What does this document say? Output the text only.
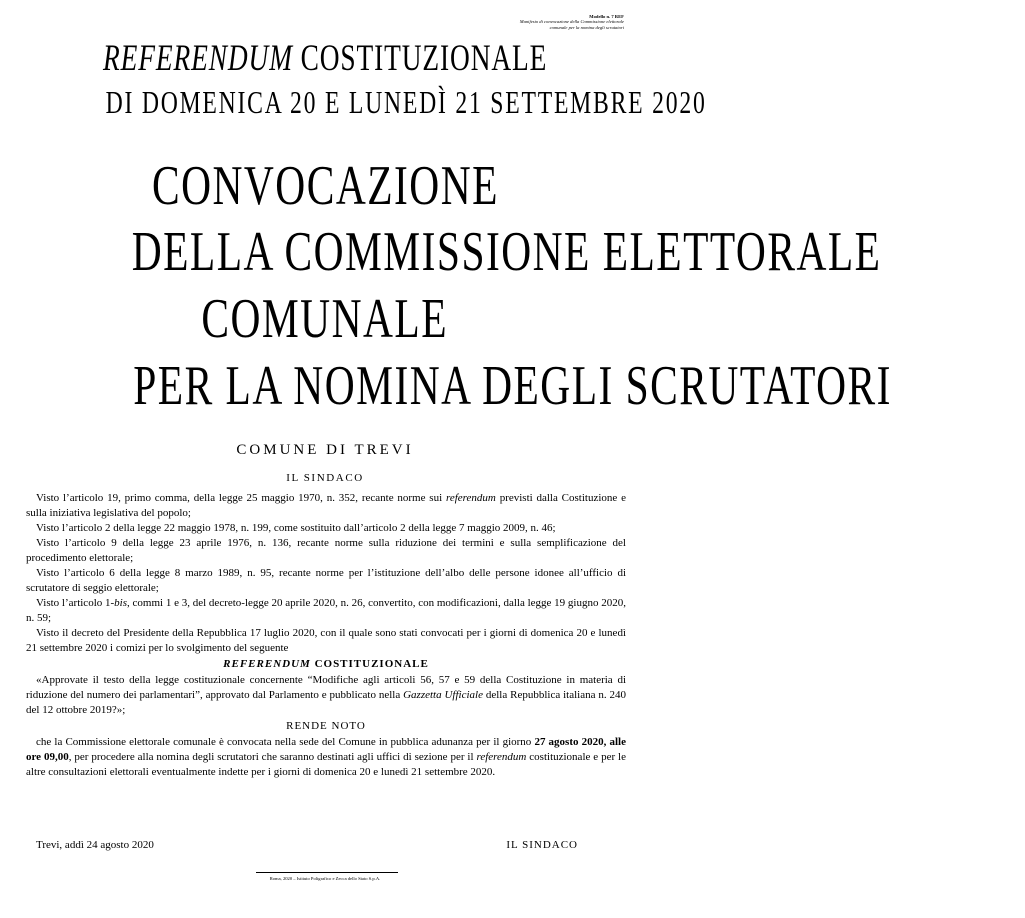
Modello n. 7 REF
Manifesto di convocazione della Commissione elettorale comunale per la nomina degli scrutatori
REFERENDUM COSTITUZIONALE
DI DOMENICA 20 E LUNEDÌ 21 SETTEMBRE 2020
CONVOCAZIONE
DELLA COMMISSIONE ELETTORALE
COMUNALE
PER LA NOMINA DEGLI SCRUTATORI
COMUNE DI TREVI
IL SINDACO

Visto l’articolo 19, primo comma, della legge 25 maggio 1970, n. 352, recante norme sui referendum previsti dalla Costituzione e sulla iniziativa legislativa del popolo;

Visto l’articolo 2 della legge 22 maggio 1978, n. 199, come sostituito dall’articolo 2 della legge 7 maggio 2009, n. 46;

Visto l’articolo 9 della legge 23 aprile 1976, n. 136, recante norme sulla riduzione dei termini e sulla semplificazione del procedimento elettorale;

Visto l’articolo 6 della legge 8 marzo 1989, n. 95, recante norme per l’istituzione dell’albo delle persone idonee all’ufficio di scrutatore di seggio elettorale;

Visto l’articolo 1-bis, commi 1 e 3, del decreto-legge 20 aprile 2020, n. 26, convertito, con modificazioni, dalla legge 19 giugno 2020, n. 59;

Visto il decreto del Presidente della Repubblica 17 luglio 2020, con il quale sono stati convocati per i giorni di domenica 20 e lunedì 21 settembre 2020 i comizi per lo svolgimento del seguente

REFERENDUM COSTITUZIONALE

«Approvate il testo della legge costituzionale concernente “Modifiche agli articoli 56, 57 e 59 della Costituzione in materia di riduzione del numero dei parlamentari”, approvato dal Parlamento e pubblicato nella Gazzetta Ufficiale della Repubblica italiana n. 240 del 12 ottobre 2019?»;

RENDE NOTO

che la Commissione elettorale comunale è convocata nella sede del Comune in pubblica adunanza per il giorno 27 agosto 2020, alle ore 09,00, per procedere alla nomina degli scrutatori che saranno destinati agli uffici di sezione per il referendum costituzionale e per le altre consultazioni elettorali eventualmente indette per i giorni di domenica 20 e lunedì 21 settembre 2020.

Trevi, addì 24 agosto 2020	IL SINDACO
Roma, 2020 – Istituto Poligrafico e Zecca dello Stato S.p.A.
